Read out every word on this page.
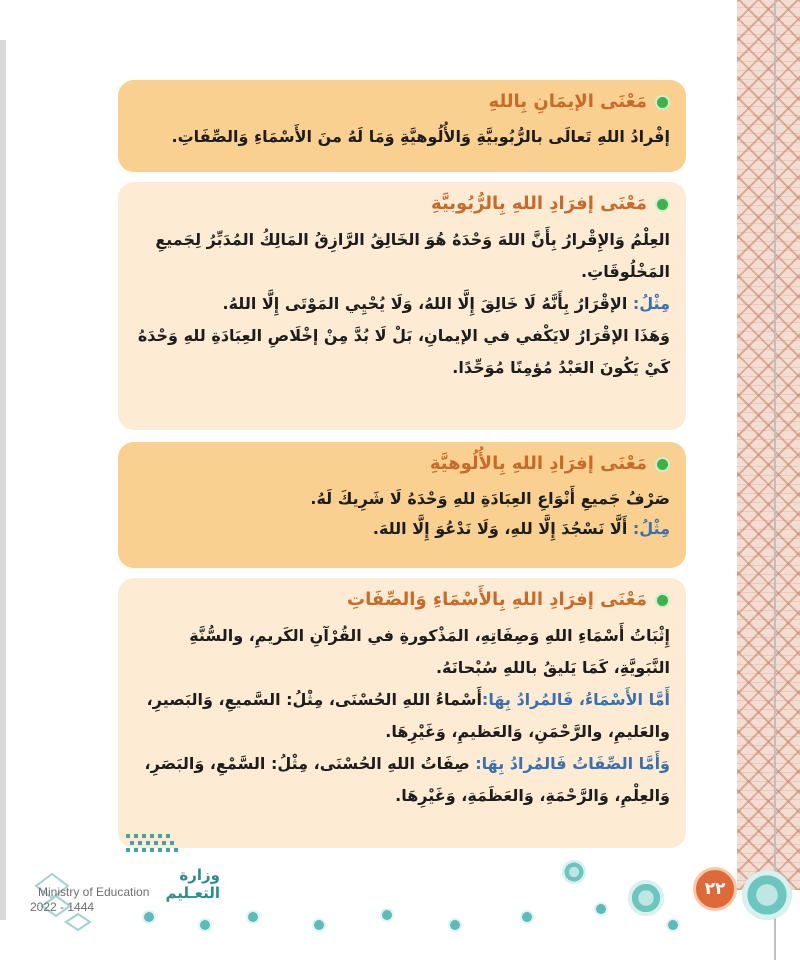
مَعْنَى الإيمَانِ بِاللهِ

إفْرادُ اللهِ تَعالَى بالرُّبُوبيَّةِ وَالأُلُوهيَّةِ وَمَا لَهُ منَ الأَسْمَاءِ وَالصِّفَاتِ.

مَعْنَى إفرَادِ اللهِ بِالرُّبُوبيَّةِ

العِلْمُ وَالإِقْرارُ بِأَنَّ اللهَ وَحْدَهُ هُوَ الخَالِقُ الرَّازِقُ المَالِكُ المُدَبِّرُ لِجَميعِ المَخْلُوقَاتِ.

مِثْلُ: الإقْرَارُ بِأَنَّهُ لَا خَالِقَ إِلَّا اللهُ، وَلَا يُحْيِي المَوْتَى إِلَّا اللهُ.

وَهَذَا الإقْرَارُ لايَكْفي في الإيمانِ، بَلْ لَا بُدَّ مِنْ إخْلَاصِ العِبَادَةِ للهِ وَحْدَهُ كَيْ يَكُونَ العَبْدُ مُؤمِنًا مُوَحِّدًا.

مَعْنَى إفرَادِ اللهِ بِالأُلُوهيَّةِ

صَرْفُ جَميعِ أَنْوَاعِ العِبَادَةِ للهِ وَحْدَهُ لَا شَرِيكَ لَهُ.

مِثْلُ: أَلَّا نَسْجُدَ إِلَّا للهِ، وَلَا نَدْعُوَ إِلَّا اللهَ.

مَعْنَى إفرَادِ اللهِ بِالأَسْمَاءِ وَالصِّفَاتِ

إِثْبَاتُ أَسْمَاءِ اللهِ وَصِفَاتِهِ، المَذْكورةِ في القُرْآنِ الكَريمِ، والسُّنَّةِ النَّبَويَّةِ، كَمَا يَليقُ باللهِ سُبْحانَهُ.

أَمَّا الأَسْمَاءُ، فَالمُرادُ بِهَا:أَسْماءُ اللهِ الحُسْنَى، مِثْلُ: السَّميعِ، وَالبَصيرِ، والعَليمِ، والرَّحْمَنِ، وَالعَظيمِ، وَغَيْرِهَا.

وَأَمَّا الصِّفَاتُ فَالمُرادُ بِهَا: صِفَاتُ اللهِ الحُسْنَى، مِثْلُ: السَّمْعِ، وَالبَصَرِ، وَالعِلْمِ، وَالرَّحْمَةِ، وَالعَظَمَةِ، وَغَيْرِهَا.

٢٢
وزارة التعـليم
Ministry of Education
2022 - 1444
